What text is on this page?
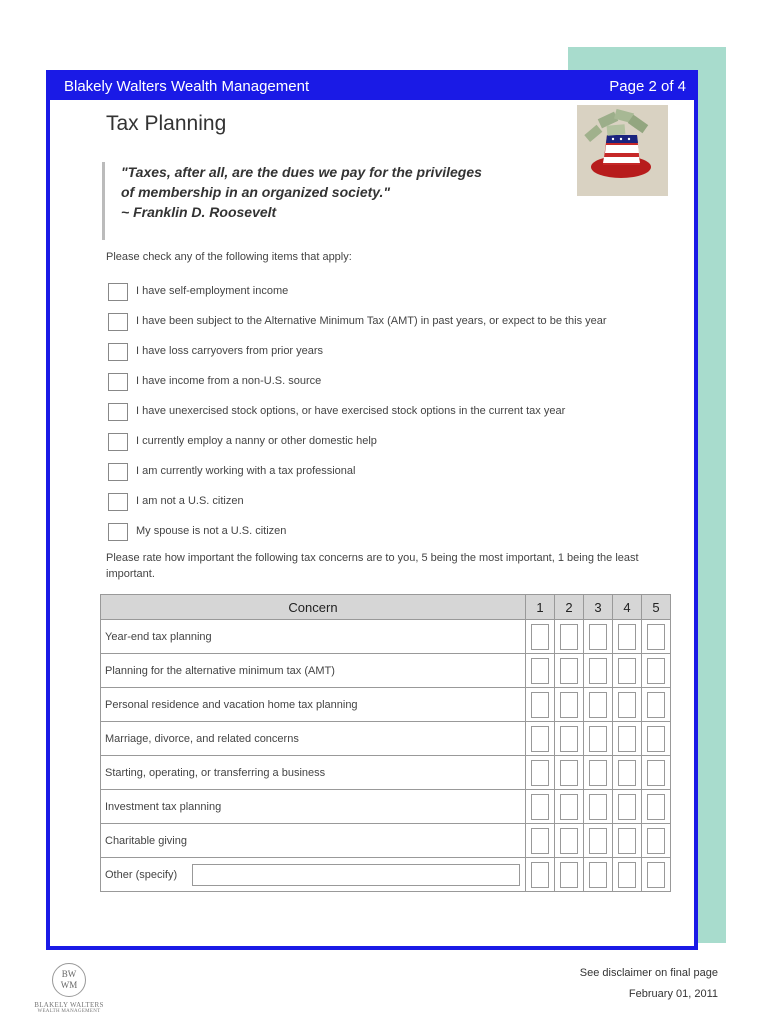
Blakely Walters Wealth Management	Page 2 of 4
Tax Planning
"Taxes, after all, are the dues we pay for the privileges
of membership in an organized society."
~ Franklin D. Roosevelt
Please check any of the following items that apply:
I have self-employment income
I have been subject to the Alternative Minimum Tax (AMT) in past years, or expect to be this year
I have loss carryovers from prior years
I have income from a non-U.S. source
I have unexercised stock options, or have exercised stock options in the current tax year
I currently employ a nanny or other domestic help
I am currently working with a tax professional
I am not a U.S. citizen
My spouse is not a U.S. citizen
Please rate how important the following tax concerns are to you, 5 being the most important, 1 being the least important.
Concern	1	2	3	4	5
Year-end tax planning					
Planning for the alternative minimum tax (AMT)					
Personal residence and vacation home tax planning					
Marriage, divorce, and related concerns					
Starting, operating, or transferring a business					
Investment tax planning					
Charitable giving					
Other (specify)					
BW
WM
BLAKELY WALTERS
WEALTH MANAGEMENT
See disclaimer on final page
February 01, 2011
